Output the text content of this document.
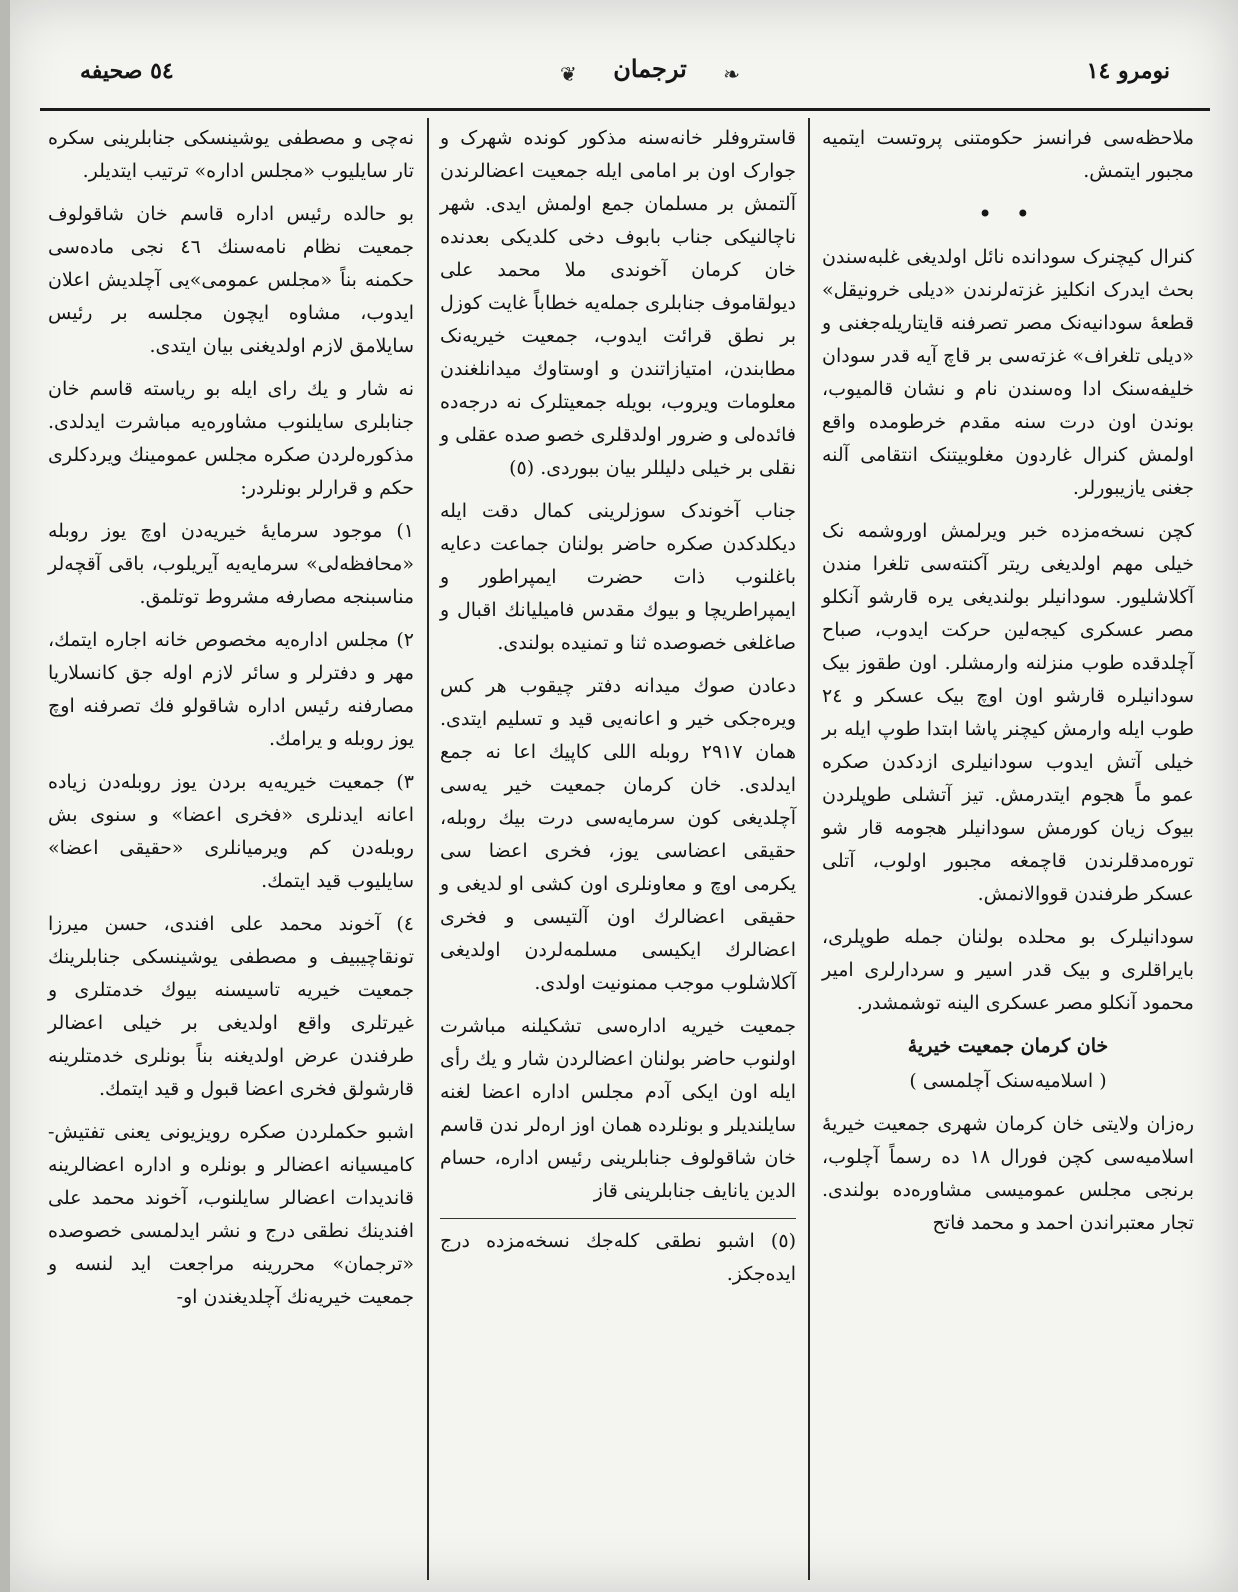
٥٤ صحیفه	❦ ترجمان ❧	نومرو ١٤

ملاحظه‌سی فرانسز حکومتنی پروتست ایتمیه مجبور ایتمش.

• •

کنرال کیچنرک سودانده نائل اولدیغی غلبه‌سندن بحث ایدرک انکلیز غزته‌لرندن «دیلی خرونیقل» قطعهٔ سودانیه‌نک مصر تصرفنه قایتاریله‌جغنی و «دیلی تلغراف» غزته‌سی بر قاچ آیه قدر سودان خلیفه‌سنک ادا وه‌سندن نام و نشان قالمیوب، بوندن اون درت سنه مقدم خرطومده واقع اولمش کنرال غاردون مغلوبیتنک انتقامی آلنه جغنی یازیبورلر.

کچن نسخه‌مزده خبر ویرلمش اوروشمه نک خیلی مهم اولدیغی ریتر آکنته‌سی تلغرا مندن آکلاشلیور. سودانیلر بولندیغی یره قارشو آنکلو مصر عسکری کیجه‌لین حرکت ایدوب، صباح آچلدقده طوب منزلنه وارمشلر. اون طقوز بیک سودانیلره قارشو اون اوچ بیک عسکر و ٢٤ طوب ایله وارمش کیچنر پاشا ابتدا طوپ ایله بر خیلی آتش ایدوب سودانیلری ازدکدن صکره عمو ماً هجوم ایتدرمش. تیز آتشلی طوپلردن بیوک زیان کورمش سودانیلر هجومه قار شو توره‌مدقلرندن قاچمغه مجبور اولوب، آتلی عسکر طرفندن قووالانمش.

سودانیلرک بو محلده بولنان جمله طوپلری، بایراقلری و بیک قدر اسیر و سردارلری امیر محمود آنکلو مصر عسکری الینه توشمشدر.

خان کرمان جمعیت خیریهٔ
( اسلامیه‌سنک آچلمسی )

ره‌زان ولایتی خان کرمان شهری جمعیت خیریهٔ اسلامیه‌سی کچن فورال ١٨ ده رسماً آچلوب، برنجی مجلس عمومیسی مشاوره‌ده بولندی. تجار معتبراندن احمد و محمد فاتح

قاستروفلر خانه‌سنه مذکور کونده شهرک و جوارک اون بر امامی ایله جمعیت اعضالرندن آلتمش بر مسلمان جمع اولمش ایدی. شهر ناچالنیکی جناب بابوف دخی کلدیکی بعدنده خان کرمان آخوندی ملا محمد علی دیولقاموف جنابلری جمله‌یه خطاباً غایت کوزل بر نطق قرائت ایدوب، جمعیت خیریه‌نک مطابندن، امتیازاتندن و اوستاوك میدانلغندن معلومات ویروب، بویله جمعیتلرک نه درجه‌ده فائده‌لی و ضرور اولدقلری خصو صده عقلی و نقلی بر خیلی دلیللر بیان ببوردی. (٥)

جناب آخوندک سوزلرینی کمال دقت ایله دیکلدکدن صکره حاضر بولنان جماعت دعایه باغلنوب ذات حضرت ایمپراطور و ایمپراطریچا و بیوك مقدس فامیلیانك اقبال و صاغلغی خصوصده ثنا و تمنیده بولندی.

دعادن صوك میدانه دفتر چیقوب هر کس ویره‌جکی خیر و اعانه‌یی قید و تسلیم ایتدی. همان ٢٩١٧ روبله اللی کاپیك اعا نه جمع ایدلدی. خان کرمان جمعیت خیر یه‌سی آچلدیغی کون سرمایه‌سی درت بیك روبله، حقیقی اعضاسی یوز، فخری اعضا سی یکرمی اوچ و معاونلری اون کشی او لدیغی و حقیقی اعضالرك اون آلتیسی و فخری اعضالرك ایکیسی مسلمه‌لردن اولدیغی آکلاشلوب موجب ممنونیت اولدی.

جمعیت خیریه اداره‌سی تشکیلنه مباشرت اولنوب حاضر بولنان اعضالردن شار و یك رأی ایله اون ایکی آدم مجلس اداره اعضا لغنه سایلندیلر و بونلرده همان اوز اره‌لر ندن قاسم خان شاقولوف جنابلرینی رئیس اداره، حسام الدین یانایف جنابلرینی قاز

(٥) اشبو نطقی کله‌جك نسخه‌مزده درج ایده‌جکز.

نه‌چی و مصطفی یوشینسکی جنابلرینی سکره تار سایلیوب «مجلس اداره» ترتیب ایتدیلر.

بو حالده رئیس اداره قاسم خان شاقولوف جمعیت نظام نامه‌سنك ٤٦ نجی ماده‌سی حکمنه بناً «مجلس عمومی»یی آچلدیش اعلان ایدوب، مشاوه ایچون مجلسه بر رئیس سایلامق لازم اولدیغنی بیان ایتدی.

نه شار و یك رای ایله بو ریاسته قاسم خان جنابلری سایلنوب مشاوره‌یه مباشرت ایدلدی. مذکوره‌لردن صکره مجلس عمومینك ویردکلری حکم و قرارلر بونلردر:

١) موجود سرمایهٔ خیریه‌دن اوچ یوز روبله «محافظه‌لی» سرمایه‌یه آیریلوب، باقی آقچه‌لر مناسبنجه مصارفه مشروط توتلمق.

٢) مجلس اداره‌یه مخصوص خانه اجاره ایتمك، مهر و دفترلر و سائر لازم اوله جق کانسلاریا مصارفنه رئیس اداره شاقولو فك تصرفنه اوچ یوز روبله و یرامك.

٣) جمعیت خیریه‌یه بردن یوز روبله‌دن زیاده اعانه ایدنلری «فخری اعضا» و سنوی بش روبله‌دن کم ویرمیانلری «حقیقی اعضا» سایلیوب قید ایتمك.

٤) آخوند محمد علی افندی، حسن میرزا تونقاچیبیف و مصطفی یوشینسکی جنابلرینك جمعیت خیریه تاسیسنه بیوك خدمتلری و غیرتلری واقع اولدیغی بر خیلی اعضالر طرفندن عرض اولدیغنه بناً بونلری خدمتلرینه قارشولق فخری اعضا قبول و قید ایتمك.

اشبو حکملردن صکره رویزیونی یعنی تفتیش-کامیسیانه اعضالر و بونلره و اداره اعضالرینه قاندیدات اعضالر سایلنوب، آخوند محمد علی افندینك نطقی درج و نشر ایدلمسی خصوصده «ترجمان» محررینه مراجعت اید لنسه و جمعیت خیریه‌نك آچلدیغندن او-
